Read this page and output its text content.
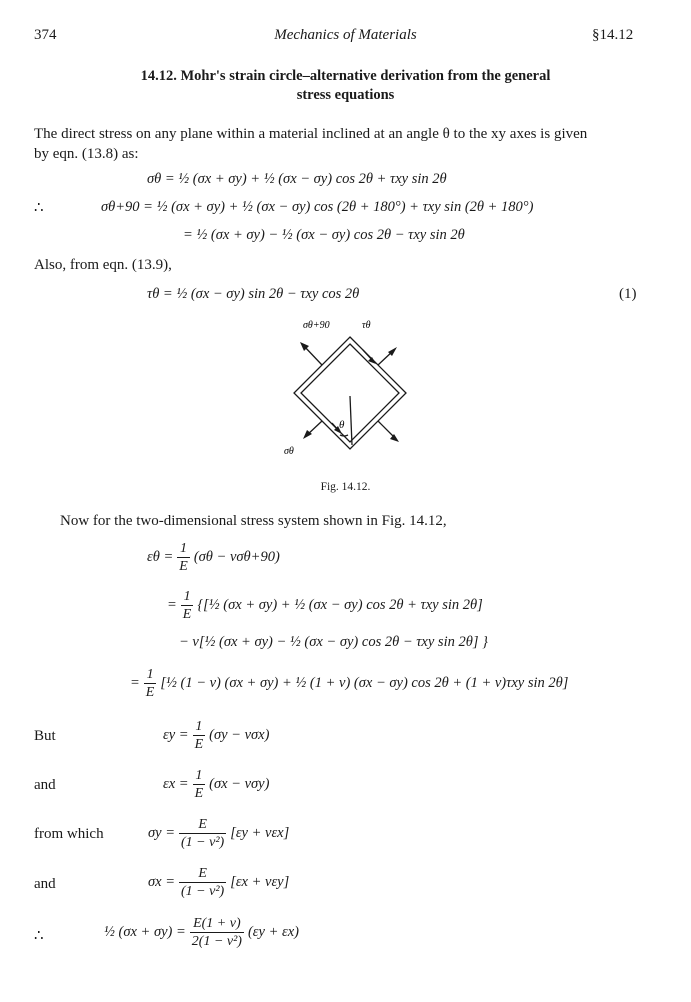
374	Mechanics of Materials	§14.12
14.12. Mohr's strain circle–alternative derivation from the general
stress equations
The direct stress on any plane within a material inclined at an angle θ to the xy axes is given
by eqn. (13.8) as:
σθ = ½ (σx + σy) + ½ (σx − σy) cos 2θ + τxy sin 2θ
∴	σθ+90 = ½ (σx + σy) + ½ (σx − σy) cos (2θ + 180°) + τxy sin (2θ + 180°)
= ½ (σx + σy) − ½ (σx − σy) cos 2θ − τxy sin 2θ
Also, from eqn. (13.9),
τθ = ½ (σx − σy) sin 2θ − τxy cos 2θ	(1)
σθ+90	τθ
σθ
θ
Fig. 14.12.
Now for the two-dimensional stress system shown in Fig. 14.12,
$\varepsilon\theta = \frac{1}{E} (\sigma\theta - \nu\sigma\theta+90)$
= $\frac{1}{E}$ {[½ (σx + σy) + ½ (σx − σy) cos 2θ + τxy sin 2θ]
− ν[½ (σx + σy) − ½ (σx − σy) cos 2θ − τxy sin 2θ] }
= $\frac{1}{E}$ [½ (1 − ν) (σx + σy) + ½ (1 + ν) (σx − σy) cos 2θ + (1 + ν)τxy sin 2θ]
But	$\varepsilon y = \frac{1}{E} (\sigma y - \nu\sigma x)$
and	$\varepsilon x = \frac{1}{E} (\sigma x - \nu\sigma y)$
from which	$\sigma y = \frac{E}{\text{(1 − ν²)}} [\varepsilon y + \nu\varepsilon x]$
and	$\sigma x = \frac{E}{\text{(1 − ν²)}} [\varepsilon x + \nu\varepsilon y]$
∴	½ $(\sigma x + \sigma y) = \frac{E(1 + \nu)}{\text{2(1 − ν²)}} (\varepsilon y + \varepsilon x)$
